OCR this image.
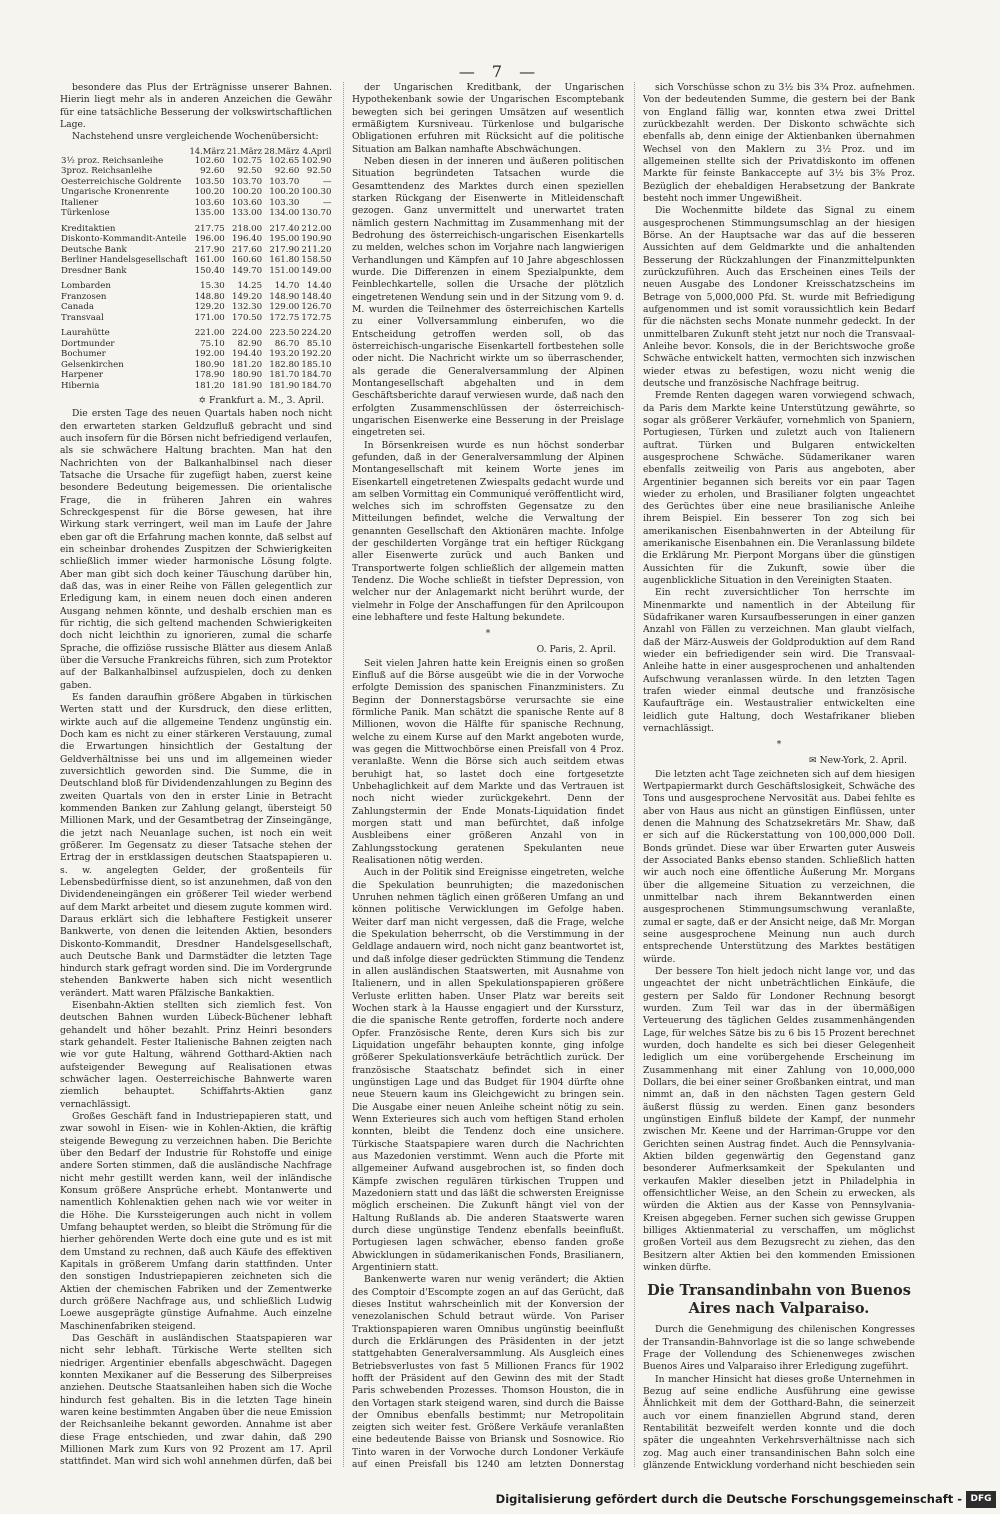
— 7 —

besondere das Plus der Erträgnisse unserer Bahnen. Hierin liegt mehr als in anderen Anzeichen die Gewähr für eine tatsächliche Besserung der volkswirtschaftlichen Lage.

Nachstehend unsre vergleichende Wochenübersicht:

	14.März	21.März	28.März	4.April
3½ proz. Reichsanleihe	102.60	102.75	102.65	102.90
3proz. Reichsanleihe	92.60	92.50	92.60	92.50
Oesterreichische Goldrente	103.50	103.70	103.70	—
Ungarische Kronenrente	100.20	100.20	100.20	100.30
Italiener	103.60	103.60	103.30	—
Türkenlose	135.00	133.00	134.00	130.70
Kreditaktien	217.75	218.00	217.40	212.00
Diskonto-Kommandit-Anteile	196.00	196.40	195.00	190.90
Deutsche Bank	217.90	217.60	217.90	211.20
Berliner Handelsgesellschaft	161.00	160.60	161.80	158.50
Dresdner Bank	150.40	149.70	151.00	149.00
Lombarden	15.30	14.25	14.70	14.40
Franzosen	148.80	149.20	148.90	148.40
Canada	129.20	132.30	129.00	126.70
Transvaal	171.00	170.50	172.75	172.75
Laurahütte	221.00	224.00	223.50	224.20
Dortmunder	75.10	82.90	86.70	85.10
Bochumer	192.00	194.40	193.20	192.20
Gelsenkirchen	180.90	181.20	182.80	185.10
Harpener	178.90	180.90	181.70	184.70
Hibernia	181.20	181.90	181.90	184.70
✡ Frankfurt a. M., 3. April.

Die ersten Tage des neuen Quartals haben noch nicht den erwarteten starken Geldzufluß gebracht und sind auch insofern für die Börsen nicht befriedigend verlaufen, als sie schwächere Haltung brachten. Man hat den Nachrichten von der Balkanhalbinsel nach dieser Tatsache die Ursache für zugefügt haben, zuerst keine besondere Bedeutung beigemessen. Die orientalische Frage, die in früheren Jahren ein wahres Schreckgespenst für die Börse gewesen, hat ihre Wirkung stark verringert, weil man im Laufe der Jahre eben gar oft die Erfahrung machen konnte, daß selbst auf ein scheinbar drohendes Zuspitzen der Schwierigkeiten schließlich immer wieder harmonische Lösung folgte. Aber man gibt sich doch keiner Täuschung darüber hin, daß das, was in einer Reihe von Fällen gelegentlich zur Erledigung kam, in einem neuen doch einen anderen Ausgang nehmen könnte, und deshalb erschien man es für richtig, die sich geltend machenden Schwierigkeiten doch nicht leichthin zu ignorieren, zumal die scharfe Sprache, die offiziöse russische Blätter aus diesem Anlaß über die Versuche Frankreichs führen, sich zum Protektor auf der Balkanhalbinsel aufzuspielen, doch zu denken gaben.

Es fanden daraufhin größere Abgaben in türkischen Werten statt und der Kursdruck, den diese erlitten, wirkte auch auf die allgemeine Tendenz ungünstig ein. Doch kam es nicht zu einer stärkeren Verstauung, zumal die Erwartungen hinsichtlich der Gestaltung der Geldverhältnisse bei uns und im allgemeinen wieder zuversichtlich geworden sind. Die Summe, die in Deutschland bloß für Dividendenzahlungen zu Beginn des zweiten Quartals von den in erster Linie in Betracht kommenden Banken zur Zahlung gelangt, übersteigt 50 Millionen Mark, und der Gesamtbetrag der Zinseingänge, die jetzt nach Neuanlage suchen, ist noch ein weit größerer. Im Gegensatz zu dieser Tatsache stehen der Ertrag der in erstklassigen deutschen Staatspapieren u. s. w. angelegten Gelder, der großenteils für Lebensbedürfnisse dient, so ist anzunehmen, daß von den Dividendeneingängen ein größerer Teil wieder werbend auf dem Markt arbeitet und diesem zugute kommen wird. Daraus erklärt sich die lebhaftere Festigkeit unserer Bankwerte, von denen die leitenden Aktien, besonders Diskonto-Kommandit, Dresdner Handelsgesellschaft, auch Deutsche Bank und Darmstädter die letzten Tage hindurch stark gefragt worden sind. Die im Vordergrunde stehenden Bankwerte haben sich nicht wesentlich verändert. Matt waren Pfälzische Bankaktien.

Eisenbahn-Aktien stellten sich ziemlich fest. Von deutschen Bahnen wurden Lübeck-Büchener lebhaft gehandelt und höher bezahlt. Prinz Heinri besonders stark gehandelt. Fester Italienische Bahnen zeigten nach wie vor gute Haltung, während Gotthard-Aktien nach aufsteigender Bewegung auf Realisationen etwas schwächer lagen. Oesterreichische Bahnwerte waren ziemlich behauptet. Schiffahrts-Aktien ganz vernachlässigt.

Großes Geschäft fand in Industriepapieren statt, und zwar sowohl in Eisen- wie in Kohlen-Aktien, die kräftig steigende Bewegung zu verzeichnen haben. Die Berichte über den Bedarf der Industrie für Rohstoffe und einige andere Sorten stimmen, daß die ausländische Nachfrage nicht mehr gestillt werden kann, weil der inländische Konsum größere Ansprüche erhebt. Montanwerte und namentlich Kohlenaktien gehen nach wie vor weiter in die Höhe. Die Kurssteigerungen auch nicht in vollem Umfang behauptet werden, so bleibt die Strömung für die hierher gehörenden Werte doch eine gute und es ist mit dem Umstand zu rechnen, daß auch Käufe des effektiven Kapitals in größerem Umfang darin stattfinden. Unter den sonstigen Industriepapieren zeichneten sich die Aktien der chemischen Fabriken und der Zementwerke durch größere Nachfrage aus, und schließlich Ludwig Loewe ausgeprägte günstige Aufnahme. Auch einzelne Maschinenfabriken steigend.

Das Geschäft in ausländischen Staatspapieren war nicht sehr lebhaft. Türkische Werte stellten sich niedriger. Argentinier ebenfalls abgeschwächt. Dagegen konnten Mexikaner auf die Besserung des Silberpreises anziehen. Deutsche Staatsanleihen haben sich die Woche hindurch fest gehalten. Bis in die letzten Tage hinein waren keine bestimmten Angaben über die neue Emission der Reichsanleihe bekannt geworden. Annahme ist aber diese Frage entschieden, und zwar dahin, daß 290 Millionen Mark zum Kurs von 92 Prozent am 17. April stattfindet. Man wird sich wohl annehmen dürfen, daß bei

der Ungarischen Kreditbank, der Ungarischen Hypothekenbank sowie der Ungarischen Escomptebank bewegten sich bei geringen Umsätzen auf wesentlich ermäßigtem Kursniveau. Türkenlose und bulgarische Obligationen erfuhren mit Rücksicht auf die politische Situation am Balkan namhafte Abschwächungen.

Neben diesen in der inneren und äußeren politischen Situation begründeten Tatsachen wurde die Gesamttendenz des Marktes durch einen speziellen starken Rückgang der Eisenwerte in Mitleidenschaft gezogen. Ganz unvermittelt und unerwartet traten nämlich gestern Nachmittag im Zusammenhang mit der Bedrohung des österreichisch-ungarischen Eisenkartells zu melden, welches schon im Vorjahre nach langwierigen Verhandlungen und Kämpfen auf 10 Jahre abgeschlossen wurde. Die Differenzen in einem Spezialpunkte, dem Feinblechkartelle, sollen die Ursache der plötzlich eingetretenen Wendung sein und in der Sitzung vom 9. d. M. wurden die Teilnehmer des österreichischen Kartells zu einer Vollversammlung einberufen, wo die Entscheidung getroffen werden soll, ob das österreichisch-ungarische Eisenkartell fortbestehen solle oder nicht. Die Nachricht wirkte um so überraschender, als gerade die Generalversammlung der Alpinen Montangesellschaft abgehalten und in dem Geschäftsberichte darauf verwiesen wurde, daß nach den erfolgten Zusammenschlüssen der österreichisch-ungarischen Eisenwerke eine Besserung in der Preislage eingetreten sei.

In Börsenkreisen wurde es nun höchst sonderbar gefunden, daß in der Generalversammlung der Alpinen Montangesellschaft mit keinem Worte jenes im Eisenkartell eingetretenen Zwiespalts gedacht wurde und am selben Vormittag ein Communiqué veröffentlicht wird, welches sich im schroffsten Gegensatze zu den Mitteilungen befindet, welche die Verwaltung der genannten Gesellschaft den Aktionären machte. Infolge der geschilderten Vorgänge trat ein heftiger Rückgang aller Eisenwerte zurück und auch Banken und Transportwerte folgen schließlich der allgemein matten Tendenz. Die Woche schließt in tiefster Depression, von welcher nur der Anlagemarkt nicht berührt wurde, der vielmehr in Folge der Anschaffungen für den Aprilcoupon eine lebhaftere und feste Haltung bekundete.

*
O. Paris, 2. April.

Seit vielen Jahren hatte kein Ereignis einen so großen Einfluß auf die Börse ausgeübt wie die in der Vorwoche erfolgte Demission des spanischen Finanzministers. Zu Beginn der Donnerstagsbörse verursachte sie eine förmliche Panik. Man schätzt die spanische Rente auf 8 Millionen, wovon die Hälfte für spanische Rechnung, welche zu einem Kurse auf den Markt angeboten wurde, was gegen die Mittwochbörse einen Preisfall von 4 Proz. veranlaßte. Wenn die Börse sich auch seitdem etwas beruhigt hat, so lastet doch eine fortgesetzte Unbehaglichkeit auf dem Markte und das Vertrauen ist noch nicht wieder zurückgekehrt. Denn der Zahlungstermin der Ende Monats-Liquidation findet morgen statt und man befürchtet, daß infolge Ausbleibens einer größeren Anzahl von in Zahlungsstockung geratenen Spekulanten neue Realisationen nötig werden.

Auch in der Politik sind Ereignisse eingetreten, welche die Spekulation beunruhigten; die mazedonischen Unruhen nehmen täglich einen größeren Umfang an und können politische Verwicklungen im Gefolge haben. Weiter darf man nicht vergessen, daß die Frage, welche die Spekulation beherrscht, ob die Verstimmung in der Geldlage andauern wird, noch nicht ganz beantwortet ist, und daß infolge dieser gedrückten Stimmung die Tendenz in allen ausländischen Staatswerten, mit Ausnahme von Italienern, und in allen Spekulationspapieren größere Verluste erlitten haben. Unser Platz war bereits seit Wochen stark à la Hausse engagiert und der Kurssturz, die die spanische Rente getroffen, forderte noch andere Opfer. Französische Rente, deren Kurs sich bis zur Liquidation ungefähr behaupten konnte, ging infolge größerer Spekulationsverkäufe beträchtlich zurück. Der französische Staatschatz befindet sich in einer ungünstigen Lage und das Budget für 1904 dürfte ohne neue Steuern kaum ins Gleichgewicht zu bringen sein. Die Ausgabe einer neuen Anleihe scheint nötig zu sein. Wenn Exterieures sich auch vom heftigen Stand erholen konnten, bleibt die Tendenz doch eine unsichere. Türkische Staatspapiere waren durch die Nachrichten aus Mazedonien verstimmt. Wenn auch die Pforte mit allgemeiner Aufwand ausgebrochen ist, so finden doch Kämpfe zwischen regulären türkischen Truppen und Mazedoniern statt und das läßt die schwersten Ereignisse möglich erscheinen. Die Zukunft hängt viel von der Haltung Rußlands ab. Die anderen Staatswerte waren durch diese ungünstige Tendenz ebenfalls beeinflußt. Portugiesen lagen schwächer, ebenso fanden große Abwicklungen in südamerikanischen Fonds, Brasilianern, Argentiniern statt.

Bankenwerte waren nur wenig verändert; die Aktien des Comptoir d'Escompte zogen an auf das Gerücht, daß dieses Institut wahrscheinlich mit der Konversion der venezolanischen Schuld betraut würde. Von Pariser Traktionspapieren waren Omnibus ungünstig beeinflußt durch die Erklärungen des Präsidenten in der jetzt stattgehabten Generalversammlung. Als Ausgleich eines Betriebsverlustes von fast 5 Millionen Francs für 1902 hofft der Präsident auf den Gewinn des mit der Stadt Paris schwebenden Prozesses. Thomson Houston, die in den Vortagen stark steigend waren, sind durch die Baisse der Omnibus ebenfalls bestimmt; nur Metropolitain zeigten sich weiter fest. Größere Verkäufe veranlaßten eine bedeutende Baisse von Briansk und Sosnowice. Rio Tinto waren in der Vorwoche durch Londoner Verkäufe auf einen Preisfall bis 1240 am letzten Donnerstag

sich Vorschüsse schon zu 3½ bis 3¾ Proz. aufnehmen. Von der bedeutenden Summe, die gestern bei der Bank von England fällig war, konnten etwa zwei Drittel zurückbezahlt werden. Der Diskonto schwächte sich ebenfalls ab, denn einige der Aktienbanken übernahmen Wechsel von den Maklern zu 3½ Proz. und im allgemeinen stellte sich der Privatdiskonto im offenen Markte für feinste Bankaccepte auf 3½ bis 3⅝ Proz. Bezüglich der ehebaldigen Herabsetzung der Bankrate besteht noch immer Ungewißheit.

Die Wochenmitte bildete das Signal zu einem ausgesprochenen Stimmungsumschlag an der hiesigen Börse. An der Hauptsache war das auf die besseren Aussichten auf dem Geldmarkte und die anhaltenden Besserung der Rückzahlungen der Finanzmittelpunkten zurückzuführen. Auch das Erscheinen eines Teils der neuen Ausgabe des Londoner Kreisschatzscheins im Betrage von 5,000,000 Pfd. St. wurde mit Befriedigung aufgenommen und ist somit voraussichtlich kein Bedarf für die nächsten sechs Monate nunmehr gedeckt. In der unmittelbaren Zukunft steht jetzt nur noch die Transvaal-Anleihe bevor. Konsols, die in der Berichtswoche große Schwäche entwickelt hatten, vermochten sich inzwischen wieder etwas zu befestigen, wozu nicht wenig die deutsche und französische Nachfrage beitrug.

Fremde Renten dagegen waren vorwiegend schwach, da Paris dem Markte keine Unterstützung gewährte, so sogar als größerer Verkäufer, vornehmlich von Spaniern, Portugiesen, Türken und zuletzt auch von Italienern auftrat. Türken und Bulgaren entwickelten ausgesprochene Schwäche. Südamerikaner waren ebenfalls zeitweilig von Paris aus angeboten, aber Argentinier begannen sich bereits vor ein paar Tagen wieder zu erholen, und Brasilianer folgten ungeachtet des Gerüchtes über eine neue brasilianische Anleihe ihrem Beispiel. Ein besserer Ton zog sich bei amerikanischen Eisenbahnwerten in der Abteilung für amerikanische Eisenbahnen ein. Die Veranlassung bildete die Erklärung Mr. Pierpont Morgans über die günstigen Aussichten für die Zukunft, sowie über die augenblickliche Situation in den Vereinigten Staaten.

Ein recht zuversichtlicher Ton herrschte im Minenmarkte und namentlich in der Abteilung für Südafrikaner waren Kursaufbesserungen in einer ganzen Anzahl von Fällen zu verzeichnen. Man glaubt vielfach, daß der März-Ausweis der Goldproduktion auf dem Rand wieder ein befriedigender sein wird. Die Transvaal-Anleihe hatte in einer ausgesprochenen und anhaltenden Aufschwung veranlassen würde. In den letzten Tagen trafen wieder einmal deutsche und französische Kaufaufträge ein. Westaustralier entwickelten eine leidlich gute Haltung, doch Westafrikaner blieben vernachlässigt.

*
✉ New-York, 2. April.

Die letzten acht Tage zeichneten sich auf dem hiesigen Wertpapiermarkt durch Geschäftslosigkeit, Schwäche des Tons und ausgesprochene Nervosität aus. Dabei fehlte es aber von Haus aus nicht an günstigen Einflüssen, unter denen die Mahnung des Schatzsekretärs Mr. Shaw, daß er sich auf die Rückerstattung von 100,000,000 Doll. Bonds gründet. Diese war über Erwarten guter Ausweis der Associated Banks ebenso standen. Schließlich hatten wir auch noch eine öffentliche Äußerung Mr. Morgans über die allgemeine Situation zu verzeichnen, die unmittelbar nach ihrem Bekanntwerden einen ausgesprochenen Stimmungsumschwung veranlaßte, zumal er sagte, daß er der Ansicht neige, daß Mr. Morgan seine ausgesprochene Meinung nun auch durch entsprechende Unterstützung des Marktes bestätigen würde.

Der bessere Ton hielt jedoch nicht lange vor, und das ungeachtet der nicht unbeträchtlichen Einkäufe, die gestern per Saldo für Londoner Rechnung besorgt wurden. Zum Teil war das in der übermäßigen Verteuerung des täglichen Geldes zusammenhängenden Lage, für welches Sätze bis zu 6 bis 15 Prozent berechnet wurden, doch handelte es sich bei dieser Gelegenheit lediglich um eine vorübergehende Erscheinung im Zusammenhang mit einer Zahlung von 10,000,000 Dollars, die bei einer seiner Großbanken eintrat, und man nimmt an, daß in den nächsten Tagen gestern Geld äußerst flüssig zu werden. Einen ganz besonders ungünstigen Einfluß bildete der Kampf, der nunmehr zwischen Mr. Keene und der Harriman-Gruppe vor den Gerichten seinen Austrag findet. Auch die Pennsylvania-Aktien bilden gegenwärtig den Gegenstand ganz besonderer Aufmerksamkeit der Spekulanten und verkaufen Makler dieselben jetzt in Philadelphia in offensichtlicher Weise, an den Schein zu erwecken, als würden die Aktien aus der Kasse von Pennsylvania-Kreisen abgegeben. Ferner suchen sich gewisse Gruppen billiges Aktienmaterial zu verschaffen, um möglichst großen Vorteil aus dem Bezugsrecht zu ziehen, das den Besitzern alter Aktien bei den kommenden Emissionen winken dürfte.

Die Transandinbahn von Buenos Aires nach Valparaiso.

Durch die Genehmigung des chilenischen Kongresses der Transandin-Bahnvorlage ist die so lange schwebende Frage der Vollendung des Schienenweges zwischen Buenos Aires und Valparaiso ihrer Erledigung zugeführt.

In mancher Hinsicht hat dieses große Unternehmen in Bezug auf seine endliche Ausführung eine gewisse Ähnlichkeit mit dem der Gotthard-Bahn, die seinerzeit auch vor einem finanziellen Abgrund stand, deren Rentabilität bezweifelt werden konnte und die doch später die ungeahnten Verkehrsverhältnisse nach sich zog. Mag auch einer transandinischen Bahn solch eine glänzende Entwicklung vorderhand nicht beschieden sein

Digitalisierung gefördert durch die Deutsche Forschungsgemeinschaft - DFG
